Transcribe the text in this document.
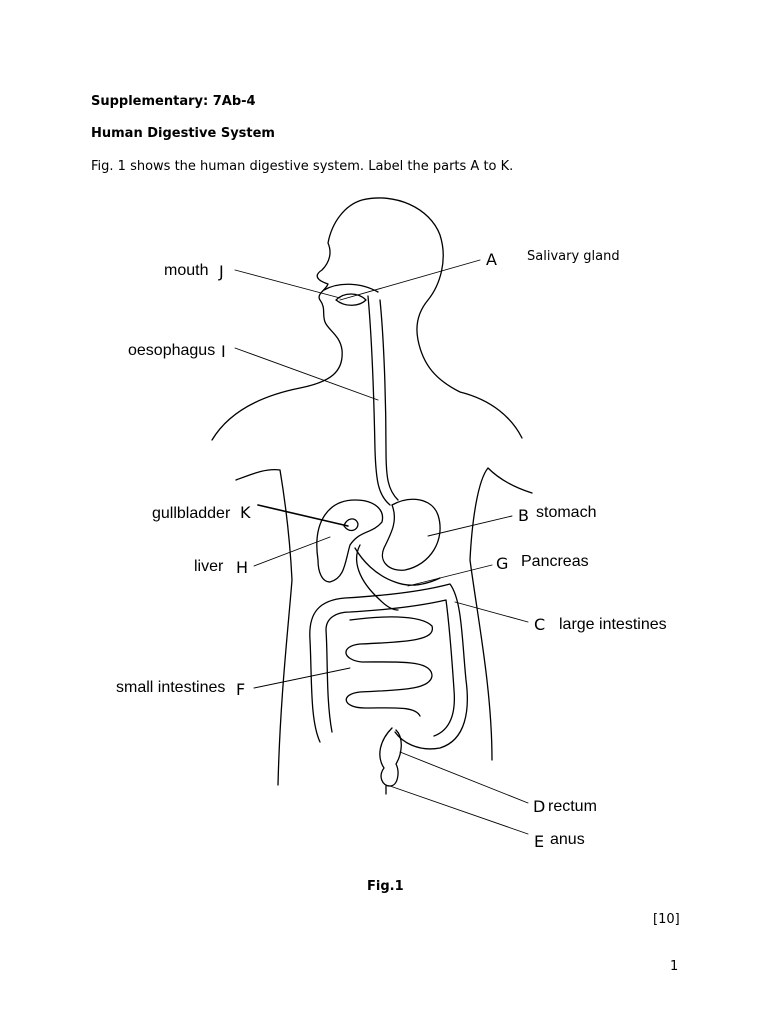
Supplementary: 7Ab-4
Human Digestive System
Fig. 1 shows the human digestive system. Label the parts A to K.
A Salivary gland
mouth J
oesophagus I
gullbladder K
liver H
B stomach
G Pancreas
C large intestines
small intestines F
D rectum
E anus
Fig.1
[10]
1
